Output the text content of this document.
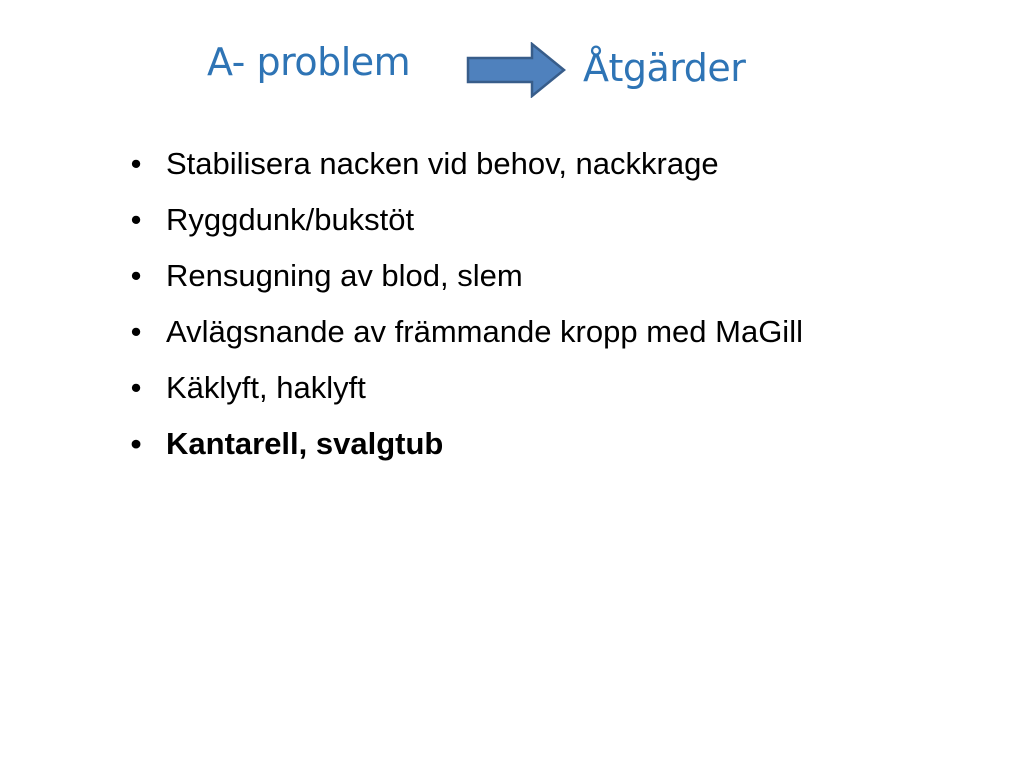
A- problem	Åtgärder
• Stabilisera nacken vid behov, nackkrage
• Ryggdunk/bukstöt
• Rensugning av blod, slem
• Avlägsnande av främmande kropp med MaGill
• Käklyft, haklyft
• Kantarell, svalgtub
